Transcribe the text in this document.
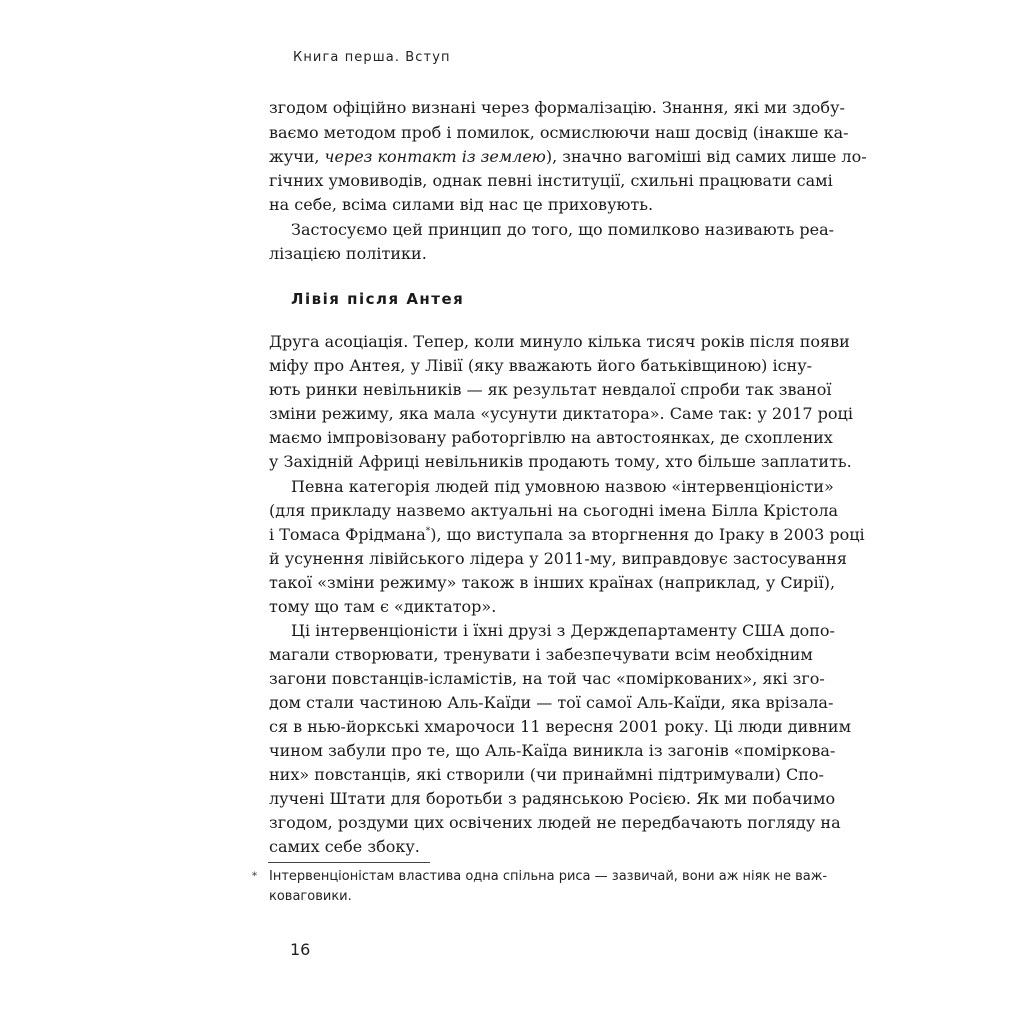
Книга перша. Вступ

згодом офіційно визнані через формалізацію. Знання, які ми здобу-

ваємо методом проб і помилок, осмислюючи наш досвід (інакше ка-

жучи, через контакт із землею), значно вагоміші від самих лише ло-

гічних умовиводів, однак певні інституції, схильні працювати самі

на себе, всіма силами від нас це приховують.

Застосуємо цей принцип до того, що помилково називають реа-

лізацією політики.

Лівія після Антея

Друга асоціація. Тепер, коли минуло кілька тисяч років після появи

міфу про Антея, у Лівії (яку вважають його батьківщиною) існу-

ють ринки невільників — як результат невдалої спроби так званої

зміни режиму, яка мала «усунути диктатора». Саме так: у 2017 році

маємо імпровізовану работоргівлю на автостоянках, де схоплених

у Західній Африці невільників продають тому, хто більше заплатить.

Певна категорія людей під умовною назвою «інтервенціоністи»

(для прикладу назвемо актуальні на сьогодні імена Білла Крістола

і Томаса Фрідмана*), що виступала за вторгнення до Іраку в 2003 році

й усунення лівійського лідера у 2011-му, виправдовує застосування

такої «зміни режиму» також в інших країнах (наприклад, у Сирії),

тому що там є «диктатор».

Ці інтервенціоністи і їхні друзі з Держдепартаменту США допо-

магали створювати, тренувати і забезпечувати всім необхідним

загони повстанців-ісламістів, на той час «поміркованих», які зго-

дом стали частиною Аль-Каїди — тої самої Аль-Каїди, яка врізала-

ся в нью-йоркські хмарочоси 11 вересня 2001 року. Ці люди дивним

чином забули про те, що Аль-Каїда виникла із загонів «поміркова-

них» повстанців, які створили (чи принаймні підтримували) Спо-

лучені Штати для боротьби з радянською Росією. Як ми побачимо

згодом, роздуми цих освічених людей не передбачають погляду на

самих себе збоку.

* Інтервенціоністам властива одна спільна риса — зазвичай, вони аж ніяк не важ-

коваговики.

16
